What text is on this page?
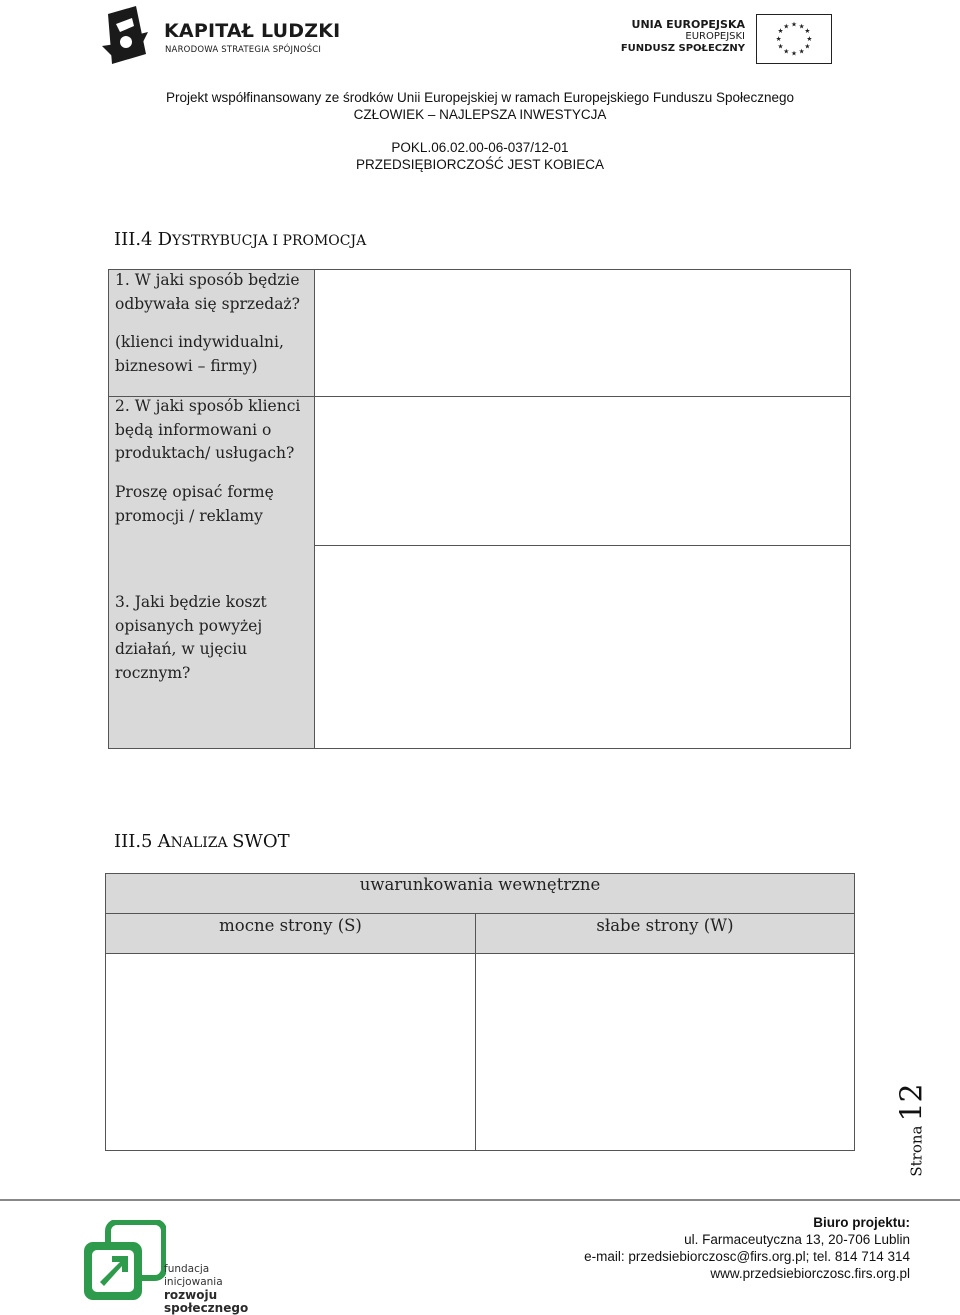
KAPITAŁ LUDZKI
NARODOWA STRATEGIA SPÓJNOŚCI
UNIA EUROPEJSKA
EUROPEJSKI
FUNDUSZ SPOŁECZNY
★ ★
★
★
★
★
★
★
★
★
★
★
Projekt współfinansowany ze środków Unii Europejskiej w ramach Europejskiego Funduszu Społecznego
CZŁOWIEK – NAJLEPSZA INWESTYCJA
POKL.06.02.00-06-037/12-01
PRZEDSIĘBIORCZOŚĆ JEST KOBIECA
III.4 DYSTRYBUCJA I PROMOCJA
1. W jaki sposób będzie odbywała się sprzedaż?
(klienci indywidualni, biznesowi – firmy)
2. W jaki sposób klienci będą informowani o produktach/ usługach?
Proszę opisać formę promocji / reklamy
3. Jaki będzie koszt opisanych powyżej działań, w ujęciu rocznym?
III.5 ANALIZA SWOT
uwarunkowania wewnętrzne
mocne strony (S)	słabe strony (W)
Strona12
fundacja inicjowania
rozwoju społecznego
Biuro projektu:
ul. Farmaceutyczna 13, 20-706 Lublin
e-mail: przedsiebiorczosc@firs.org.pl; tel. 814 714 314
www.przedsiebiorczosc.firs.org.pl
